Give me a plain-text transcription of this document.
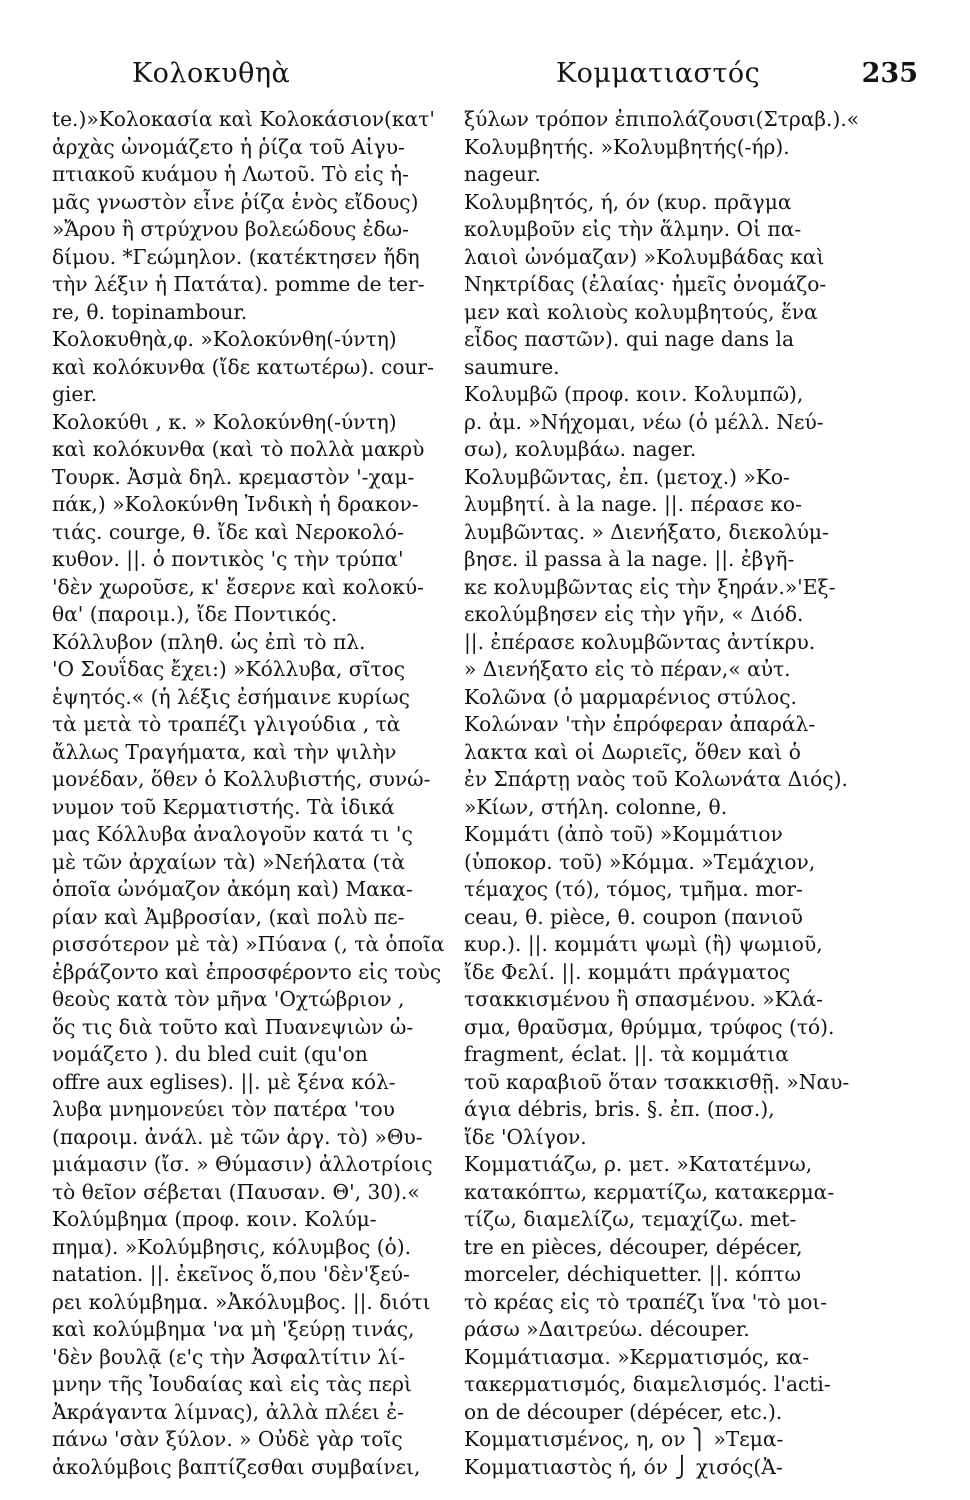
Κολοκυθηὰ	Κομματιαστός	235
te.)»Κολοκασία καὶ Κολοκάσιον(κατ'
ἀρχὰς ὠνομάζετο ἡ ῥίζα τοῦ Αἰγυ-
πτιακοῦ κυάμου ἡ Λωτοῦ. Τὸ εἰς ἡ-
μᾶς γνωστὸν εἶνε ῥίζα ἑνὸς εἴδους)
»Ἄρου ἢ στρύχνου βολεώδους ἐδω-
δίμου. *Γεώμηλον. (κατέκτησεν ἤδη
τὴν λέξιν ἡ Πατάτα). pomme de ter-
re, θ. topinambour.
Κολοκυθηὰ,φ. »Κολοκύνθη(-ύντη)
καὶ κολόκυνθα (ἴδε κατωτέρω). cour-
gier.
Κολοκύθι , κ. » Κολοκύνθη(-ύντη)
καὶ κολόκυνθα (καὶ τὸ πολλὰ μακρὺ
Τουρκ. Ἀσμὰ δηλ. κρεμαστὸν '-χαμ-
πάκ,) »Κολοκύνθη Ἰνδικὴ ἡ δρακον-
τιάς. courge, θ. ἴδε καὶ Νεροκολό-
κυθον. ||. ὁ ποντικὸς 'ς τὴν τρύπα'
'δὲν χωροῦσε, κ' ἔσερνε καὶ κολοκύ-
θα' (παροιμ.), ἴδε Ποντικός.
Κόλλυβον (πληθ. ὡς ἐπὶ τὸ πλ.
'Ο Σουΐδας ἔχει:) »Κόλλυβα, σῖτος
ἑψητός.« (ἡ λέξις ἐσήμαινε κυρίως
τὰ μετὰ τὸ τραπέζι γλιγούδια , τὰ
ἄλλως Τραγήματα, καὶ τὴν ψιλὴν
μονέδαν, ὅθεν ὁ Κολλυβιστής, συνώ-
νυμον τοῦ Κερματιστής. Τὰ ἰδικά
μας Κόλλυβα ἀναλογοῦν κατά τι 'ς
μὲ τῶν ἀρχαίων τὰ) »Νεήλατα (τὰ
ὁποῖα ὠνόμαζον ἀκόμη καὶ) Μακα-
ρίαν καὶ Ἀμβροσίαν, (καὶ πολὺ πε-
ρισσότερον μὲ τὰ) »Πύανα (, τὰ ὁποῖα
ἐβράζοντο καὶ ἐπροσφέροντο εἰς τοὺς
θεοὺς κατὰ τὸν μῆνα 'Οχτώβριον ,
ὅς τις διὰ τοῦτο καὶ Πυανεψιὼν ὠ-
νομάζετο ). du bled cuit (qu'on
offre aux eglises). ||. μὲ ξένα κόλ-
λυβα μνημονεύει τὸν πατέρα 'του
(παροιμ. ἀνάλ. μὲ τῶν ἀργ. τὸ) »Θυ-
μιάμασιν (ἴσ. » Θύμασιν) ἀλλοτρίοις
τὸ θεῖον σέβεται (Παυσαν. Θ', 30).«
Κολύμβημα (προφ. κοιν. Κολύμ-
πημα). »Κολύμβησις, κόλυμβος (ὁ).
natation. ||. ἐκεῖνος ὅ,που 'δὲν'ξεύ-
ρει κολύμβημα. »Ἀκόλυμβος. ||. διότι
καὶ κολύμβημα 'να μὴ 'ξεύρῃ τινάς,
'δὲν βουλᾷ (ε'ς τὴν Ἀσφαλτίτιν λί-
μνην τῆς Ἰουδαίας καὶ εἰς τὰς περὶ
Ἀκράγαντα λίμνας), ἀλλὰ πλέει ἐ-
πάνω 'σὰν ξύλον. » Οὐδὲ γὰρ τοῖς
ἀκολύμβοις βαπτίζεσθαι συμβαίνει,
ξύλων τρόπον ἐπιπολάζουσι(Στραβ.).«
Κολυμβητής. »Κολυμβητής(-ήρ).
nageur.
Κολυμβητός, ή, όν (κυρ. πρᾶγμα
κολυμβοῦν εἰς τὴν ἅλμην. Οἱ πα-
λαιοὶ ὠνόμαζαν) »Κολυμβάδας καὶ
Νηκτρίδας (ἐλαίας· ἡμεῖς ὀνομάζο-
μεν καὶ κολιοὺς κολυμβητούς, ἕνα
εἶδος παστῶν). qui nage dans la
saumure.
Κολυμβῶ (προφ. κοιν. Κολυμπῶ),
ρ. ἀμ. »Νήχομαι, νέω (ὁ μέλλ. Νεύ-
σω), κολυμβάω. nager.
Κολυμβῶντας, ἐπ. (μετοχ.) »Κο-
λυμβητί. à la nage. ||. πέρασε κο-
λυμβῶντας. » Διενήξατο, διεκολύμ-
βησε. il passa à la nage. ||. ἐβγῆ-
κε κολυμβῶντας εἰς τὴν ξηράν.»'Εξ-
εκολύμβησεν εἰς τὴν γῆν, « Διόδ.
||. ἐπέρασε κολυμβῶντας ἀντίκρυ.
» Διενήξατο εἰς τὸ πέραν,« αὐτ.
Κολῶνα (ὁ μαρμαρένιος στύλος.
Κολώναν 'τὴν ἐπρόφεραν ἀπαράλ-
λακτα καὶ οἱ Δωριεῖς, ὅθεν καὶ ὁ
ἐν Σπάρτῃ ναὸς τοῦ Κολωνάτα Διός).
»Κίων, στήλη. colonne, θ.
Κομμάτι (ἀπὸ τοῦ) »Κομμάτιον
(ὑποκορ. τοῦ) »Κόμμα. »Τεμάχιον,
τέμαχος (τό), τόμος, τμῆμα. mor-
ceau, θ. pièce, θ. coupon (πανιοῦ
κυρ.). ||. κομμάτι ψωμὶ (ἢ) ψωμιοῦ,
ἴδε Φελί. ||. κομμάτι πράγματος
τσακκισμένου ἢ σπασμένου. »Κλά-
σμα, θραῦσμα, θρύμμα, τρύφος (τό).
fragment, éclat. ||. τὰ κομμάτια
τοῦ καραβιοῦ ὅταν τσακκισθῇ. »Ναυ-
άγια débris, bris. §. ἐπ. (ποσ.),
ἴδε 'Ολίγον.
Κομματιάζω, ρ. μετ. »Κατατέμνω,
κατακόπτω, κερματίζω, κατακερμα-
τίζω, διαμελίζω, τεμαχίζω. met-
tre en pièces, découper, dépécer,
morceler, déchiquetter. ||. κόπτω
τὸ κρέας εἰς τὸ τραπέζι ἵνα 'τὸ μοι-
ράσω »Δαιτρεύω. découper.
Κομμάτιασμα. »Κερματισμός, κα-
τακερματισμός, διαμελισμός. l'acti-
on de découper (dépécer, etc.).
Κομματισμένος, η, ον ⎫ »Τεμα-
Κομματιαστὸς ή, όν ⎭ χισός(Ἀ-
